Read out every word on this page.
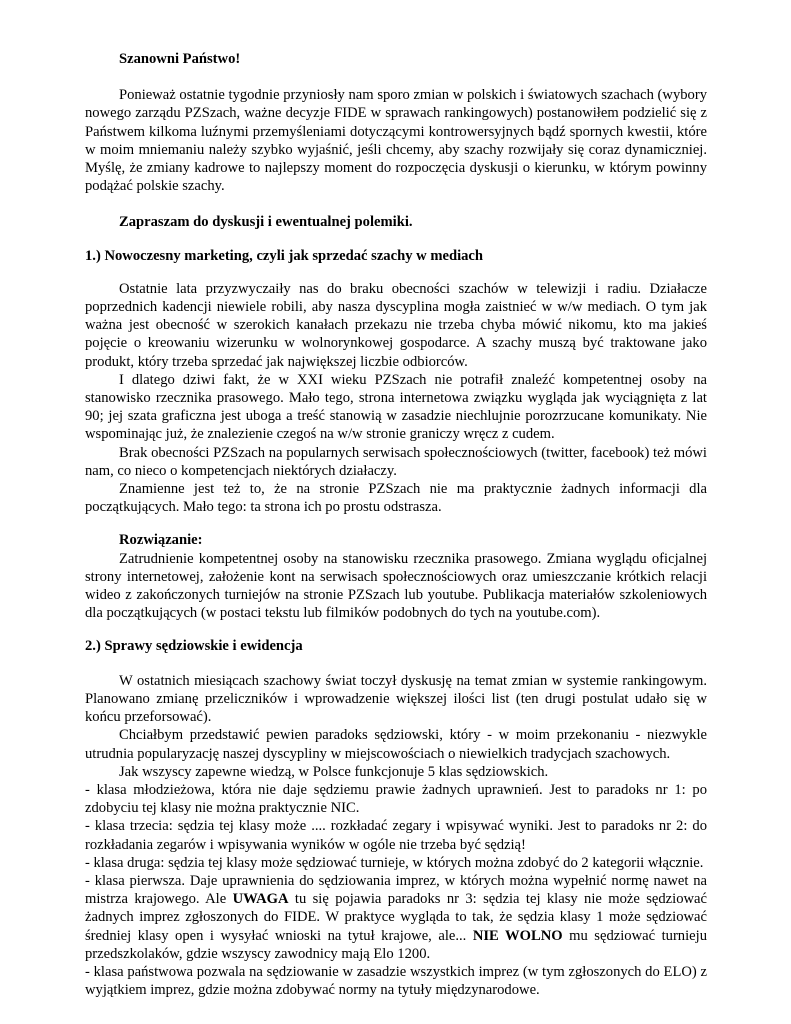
Szanowni Państwo!

Ponieważ ostatnie tygodnie przyniosły nam sporo zmian w polskich i światowych szachach (wybory nowego zarządu PZSzach, ważne decyzje FIDE w sprawach rankingowych) postanowiłem podzielić się z Państwem kilkoma luźnymi przemyśleniami dotyczącymi kontrowersyjnych bądź spornych kwestii, które w moim mniemaniu należy szybko wyjaśnić, jeśli chcemy, aby szachy rozwijały się coraz dynamiczniej. Myślę, że zmiany kadrowe to najlepszy moment do rozpoczęcia dyskusji o kierunku, w którym powinny podążać polskie szachy.

Zapraszam do dyskusji i ewentualnej polemiki.

1.) Nowoczesny marketing, czyli jak sprzedać szachy w mediach

Ostatnie lata przyzwyczaiły nas do braku obecności szachów w telewizji i radiu. Działacze poprzednich kadencji niewiele robili, aby nasza dyscyplina mogła zaistnieć w w/w mediach. O tym jak ważna jest obecność w szerokich kanałach przekazu nie trzeba chyba mówić nikomu, kto ma jakieś pojęcie o kreowaniu wizerunku w wolnorynkowej gospodarce. A szachy muszą być traktowane jako produkt, który trzeba sprzedać jak największej liczbie odbiorców.

I dlatego dziwi fakt, że w XXI wieku PZSzach nie potrafił znaleźć kompetentnej osoby na stanowisko rzecznika prasowego. Mało tego, strona internetowa związku wygląda jak wyciągnięta z lat 90; jej szata graficzna jest uboga a treść stanowią w zasadzie niechlujnie porozrzucane komunikaty. Nie wspominając już, że znalezienie czegoś na w/w stronie graniczy wręcz z cudem.

Brak obecności PZSzach na popularnych serwisach społecznościowych (twitter, facebook) też mówi nam, co nieco o kompetencjach niektórych działaczy.

Znamienne jest też to, że na stronie PZSzach nie ma praktycznie żadnych informacji dla początkujących. Mało tego: ta strona ich po prostu odstrasza.

Rozwiązanie:

Zatrudnienie kompetentnej osoby na stanowisku rzecznika prasowego. Zmiana wyglądu oficjalnej strony internetowej, założenie kont na serwisach społecznościowych oraz umieszczanie krótkich relacji wideo z zakończonych turniejów na stronie PZSzach lub youtube. Publikacja materiałów szkoleniowych dla początkujących (w postaci tekstu lub filmików podobnych do tych na youtube.com).

2.) Sprawy sędziowskie i ewidencja

W ostatnich miesiącach szachowy świat toczył dyskusję na temat zmian w systemie rankingowym. Planowano zmianę przeliczników i wprowadzenie większej ilości list (ten drugi postulat udało się w końcu przeforsować).

Chciałbym przedstawić pewien paradoks sędziowski, który - w moim przekonaniu - niezwykle utrudnia popularyzację naszej dyscypliny w miejscowościach o niewielkich tradycjach szachowych.

Jak wszyscy zapewne wiedzą, w Polsce funkcjonuje 5 klas sędziowskich.

- klasa młodzieżowa, która nie daje sędziemu prawie żadnych uprawnień. Jest to paradoks nr 1: po zdobyciu tej klasy nie można praktycznie NIC.

- klasa trzecia: sędzia tej klasy może .... rozkładać zegary i wpisywać wyniki. Jest to paradoks nr 2: do rozkładania zegarów i wpisywania wyników w ogóle nie trzeba być sędzią!

- klasa druga: sędzia tej klasy może sędziować turnieje, w których można zdobyć do 2 kategorii włącznie.

- klasa pierwsza. Daje uprawnienia do sędziowania imprez, w których można wypełnić normę nawet na mistrza krajowego. Ale UWAGA tu się pojawia paradoks nr 3: sędzia tej klasy nie może sędziować żadnych imprez zgłoszonych do FIDE. W praktyce wygląda to tak, że sędzia klasy 1 może sędziować średniej klasy open i wysyłać wnioski na tytuł krajowe, ale... NIE WOLNO mu sędziować turnieju przedszkolaków, gdzie wszyscy zawodnicy mają Elo 1200.

- klasa państwowa pozwala na sędziowanie w zasadzie wszystkich imprez (w tym zgłoszonych do ELO) z wyjątkiem imprez, gdzie można zdobywać normy na tytuły międzynarodowe.
